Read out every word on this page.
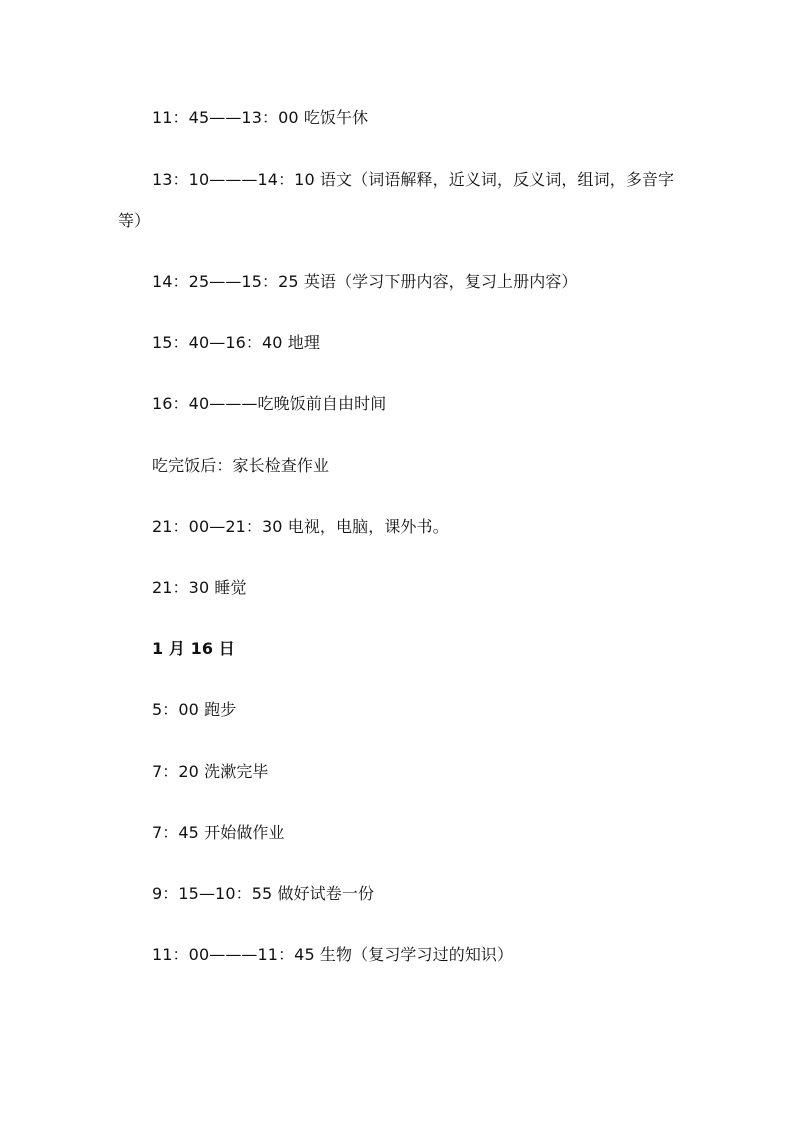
11：45——13：00 吃饭午休
13：10———14：10 语文（词语解释，近义词，反义词，组词，多音字
等）
14：25——15：25 英语（学习下册内容，复习上册内容）
15：40—16：40 地理
16：40———吃晚饭前自由时间
吃完饭后：家长检查作业
21：00—21：30 电视，电脑，课外书。
21：30 睡觉
1 月 16 日
5：00 跑步
7：20 洗漱完毕
7：45 开始做作业
9：15—10：55 做好试卷一份
11：00———11：45 生物（复习学习过的知识）
